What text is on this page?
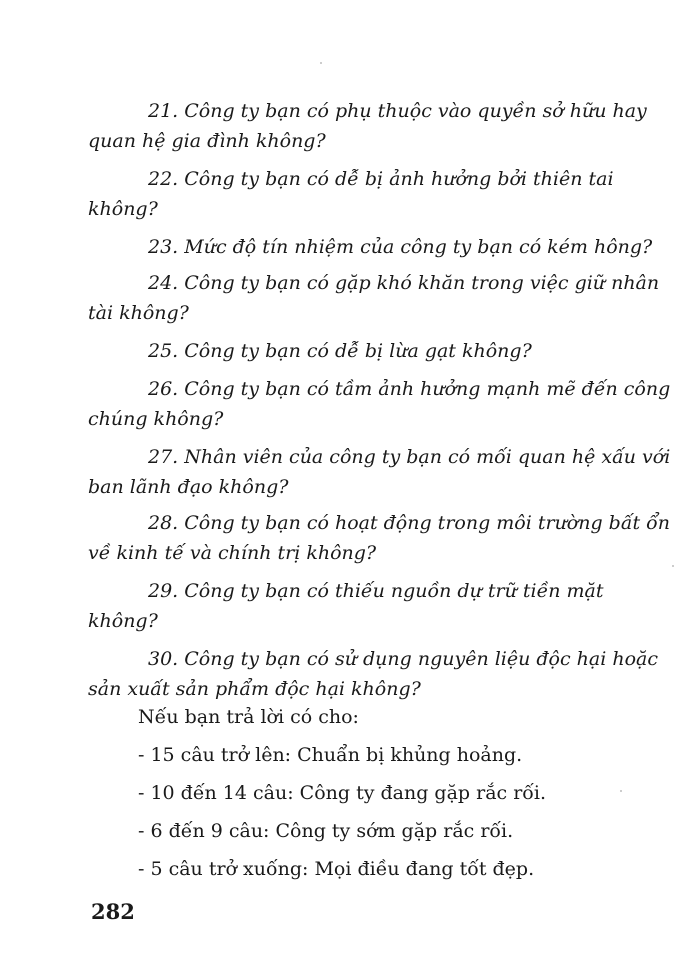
21. Công ty bạn có phụ thuộc vào quyền sở hữu hay
quan hệ gia đình không?
22. Công ty bạn có dễ bị ảnh hưởng bởi thiên tai
không?
23. Mức độ tín nhiệm của công ty bạn có kém hông?
24. Công ty bạn có gặp khó khăn trong việc giữ nhân
tài không?
25. Công ty bạn có dễ bị lừa gạt không?
26. Công ty bạn có tầm ảnh hưởng mạnh mẽ đến công
chúng không?
27. Nhân viên của công ty bạn có mối quan hệ xấu với
ban lãnh đạo không?
28. Công ty bạn có hoạt động trong môi trường bất ổn
về kinh tế và chính trị không?
29. Công ty bạn có thiếu nguồn dự trữ tiền mặt
không?
30. Công ty bạn có sử dụng nguyên liệu độc hại hoặc
sản xuất sản phẩm độc hại không?
Nếu bạn trả lời có cho:
- 15 câu trở lên: Chuẩn bị khủng hoảng.
- 10 đến 14 câu: Công ty đang gặp rắc rối.
- 6 đến 9 câu: Công ty sớm gặp rắc rối.
- 5 câu trở xuống: Mọi điều đang tốt đẹp.
282
